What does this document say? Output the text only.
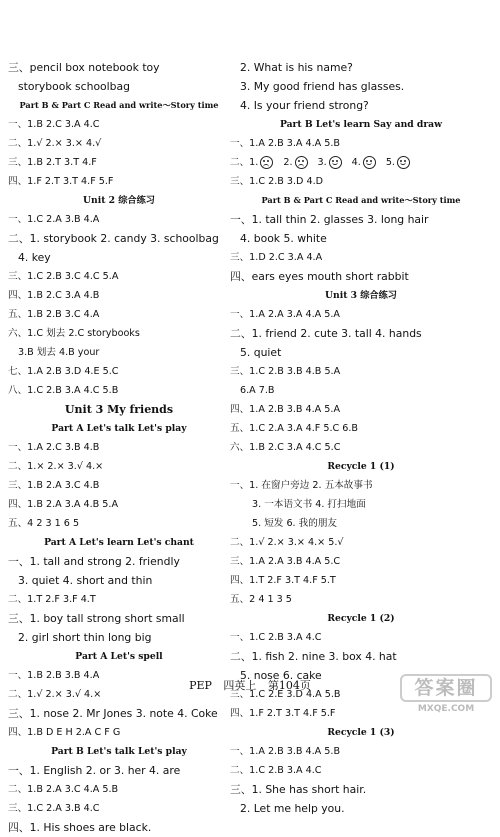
三、pencil box notebook toy
storybook schoolbag
Part B & Part C Read and write～Story time
一、1.B 2.C 3.A 4.C
二、1.√ 2.× 3.× 4.√
三、1.B 2.T 3.T 4.F
四、1.F 2.T 3.T 4.F 5.F
Unit 2 综合练习
一、1.C 2.A 3.B 4.A
二、1. storybook 2. candy 3. schoolbag
4. key
三、1.C 2.B 3.C 4.C 5.A
四、1.B 2.C 3.A 4.B
五、1.B 2.B 3.C 4.A
六、1.C 划去 2.C storybooks
3.B 划去 4.B your
七、1.A 2.B 3.D 4.E 5.C
八、1.C 2.B 3.A 4.C 5.B
Unit 3 My friends
Part A Let's talk Let's play
一、1.A 2.C 3.B 4.B
二、1.× 2.× 3.√ 4.×
三、1.B 2.A 3.C 4.B
四、1.B 2.A 3.A 4.B 5.A
五、4 2 3 1 6 5
Part A Let's learn Let's chant
一、1. tall and strong 2. friendly
3. quiet 4. short and thin
二、1.T 2.F 3.F 4.T
三、1. boy tall strong short small
2. girl short thin long big
Part A Let's spell
一、1.B 2.B 3.B 4.A
二、1.√ 2.× 3.√ 4.×
三、1. nose 2. Mr Jones 3. note 4. Coke
四、1.B D E H 2.A C F G
Part B Let's talk Let's play
一、1. English 2. or 3. her 4. are
二、1.B 2.A 3.C 4.A 5.B
三、1.C 2.A 3.B 4.C
四、1. His shoes are black.
2. What is his name?
3. My good friend has glasses.
4. Is your friend strong?
Part B Let's learn Say and draw
一、1.A 2.B 3.A 4.A 5.B
二、1.	2.	3.	4.	5.
三、1.C 2.B 3.D 4.D
Part B & Part C Read and write～Story time
一、1. tall thin 2. glasses 3. long hair
4. book 5. white
三、1.D 2.C 3.A 4.A
四、ears eyes mouth short rabbit
Unit 3 综合练习
一、1.A 2.A 3.A 4.A 5.A
二、1. friend 2. cute 3. tall 4. hands
5. quiet
三、1.C 2.B 3.B 4.B 5.A
6.A 7.B
四、1.A 2.B 3.B 4.A 5.A
五、1.C 2.A 3.A 4.F 5.C 6.B
六、1.B 2.C 3.A 4.C 5.C
Recycle 1 (1)
一、1. 在窗户旁边 2. 五本故事书
3. 一本语文书 4. 打扫地面
5. 短发 6. 我的朋友
二、1.√ 2.× 3.× 4.× 5.√
三、1.A 2.A 3.B 4.A 5.C
四、1.T 2.F 3.T 4.F 5.T
五、2 4 1 3 5
Recycle 1 (2)
一、1.C 2.B 3.A 4.C
二、1. fish 2. nine 3. box 4. hat
5. nose 6. cake
三、1.C 2.E 3.D 4.A 5.B
四、1.F 2.T 3.T 4.F 5.F
Recycle 1 (3)
一、1.A 2.B 3.B 4.A 5.B
二、1.C 2.B 3.A 4.C
三、1. She has short hair.
2. Let me help you.
PEP 四英上 第104页	答案圈
MXQE.COM
